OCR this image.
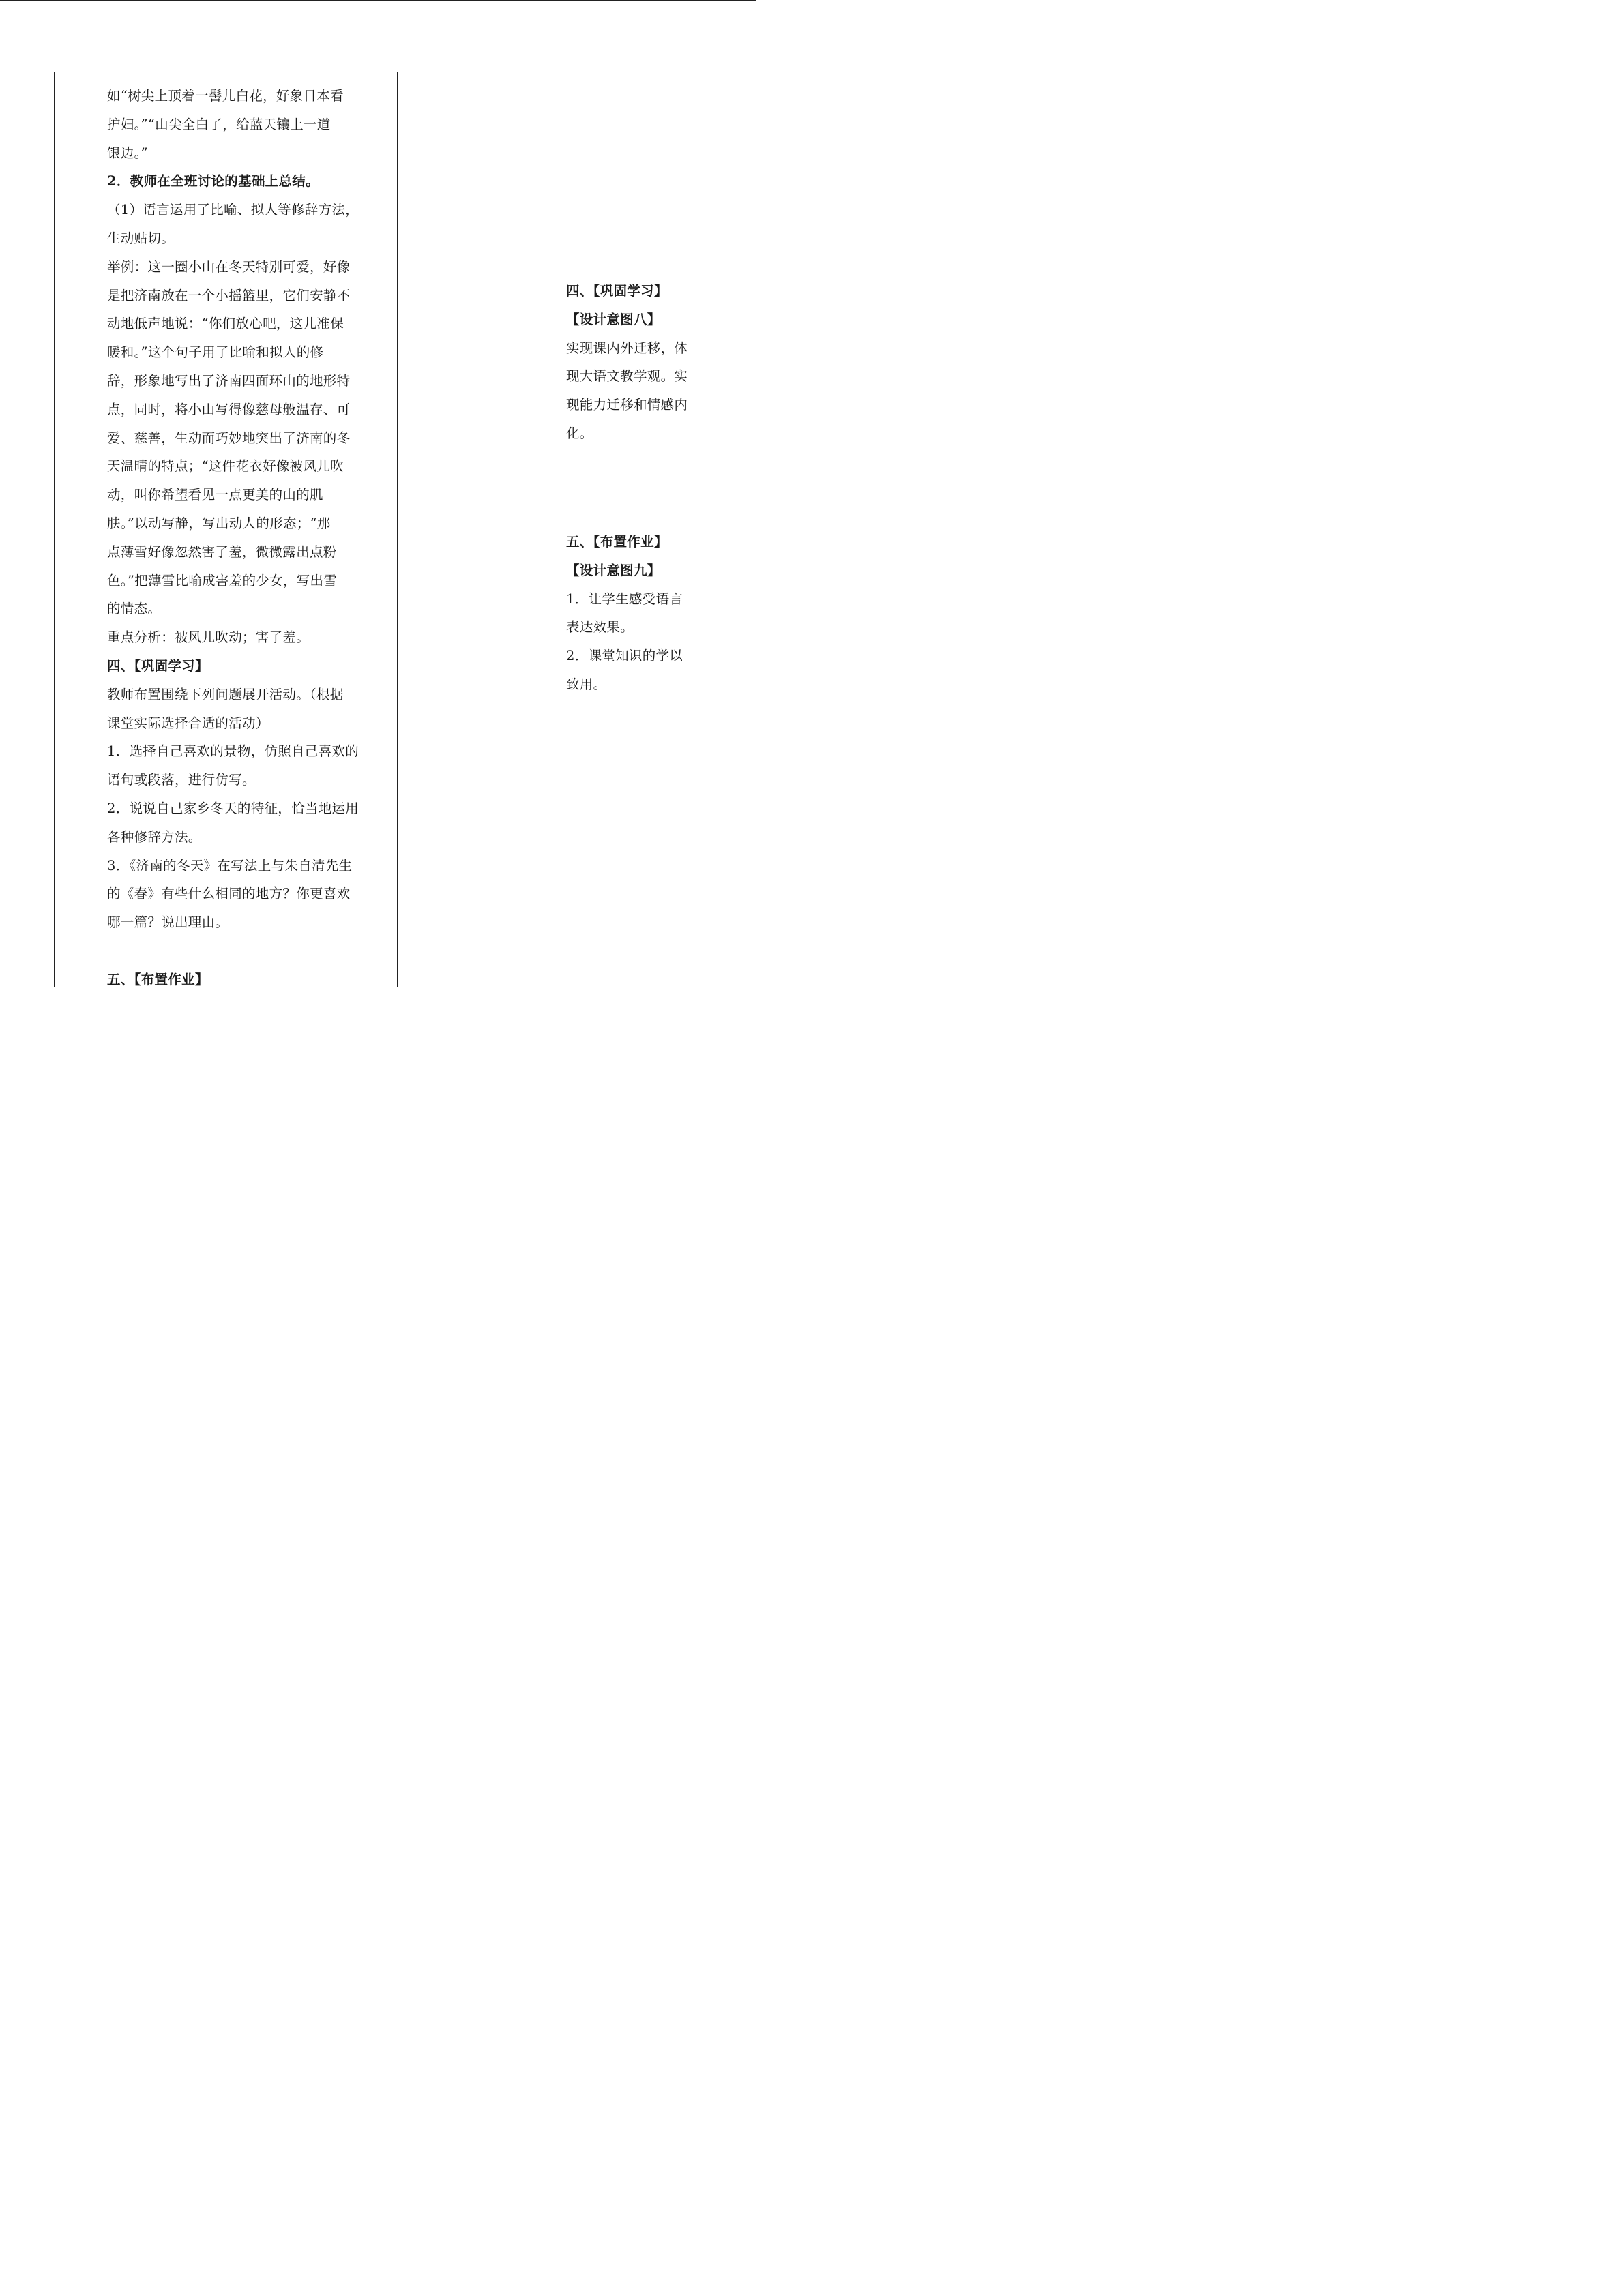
如“树尖上顶着一髻儿白花，好象日本看

护妇。”“山尖全白了，给蓝天镶上一道

银边。”

2．教师在全班讨论的基础上总结。

（1）语言运用了比喻、拟人等修辞方法，

生动贴切。

举例：这一圈小山在冬天特别可爱，好像

是把济南放在一个小摇篮里，它们安静不

动地低声地说：“你们放心吧，这儿准保

暖和。”这个句子用了比喻和拟人的修

辞，形象地写出了济南四面环山的地形特

点，同时，将小山写得像慈母般温存、可

爱、慈善，生动而巧妙地突出了济南的冬

天温晴的特点；“这件花衣好像被风儿吹

动，叫你希望看见一点更美的山的肌

肤。”以动写静，写出动人的形态；“那

点薄雪好像忽然害了羞，微微露出点粉

色。”把薄雪比喻成害羞的少女，写出雪

的情态。

重点分析：被风儿吹动；害了羞。

四、【巩固学习】

教师布置围绕下列问题展开活动。（根据

课堂实际选择合适的活动）

1．选择自己喜欢的景物，仿照自己喜欢的

语句或段落，进行仿写。

2．说说自己家乡冬天的特征，恰当地运用

各种修辞方法。

3．《济南的冬天》在写法上与朱自清先生

的《春》有些什么相同的地方？你更喜欢

哪一篇？说出理由。

五、【布置作业】

四、【巩固学习】

【设计意图八】

实现课内外迁移，体

现大语文教学观。实

现能力迁移和情感内

化。

五、【布置作业】

【设计意图九】

1．让学生感受语言

表达效果。

2．课堂知识的学以

致用。
